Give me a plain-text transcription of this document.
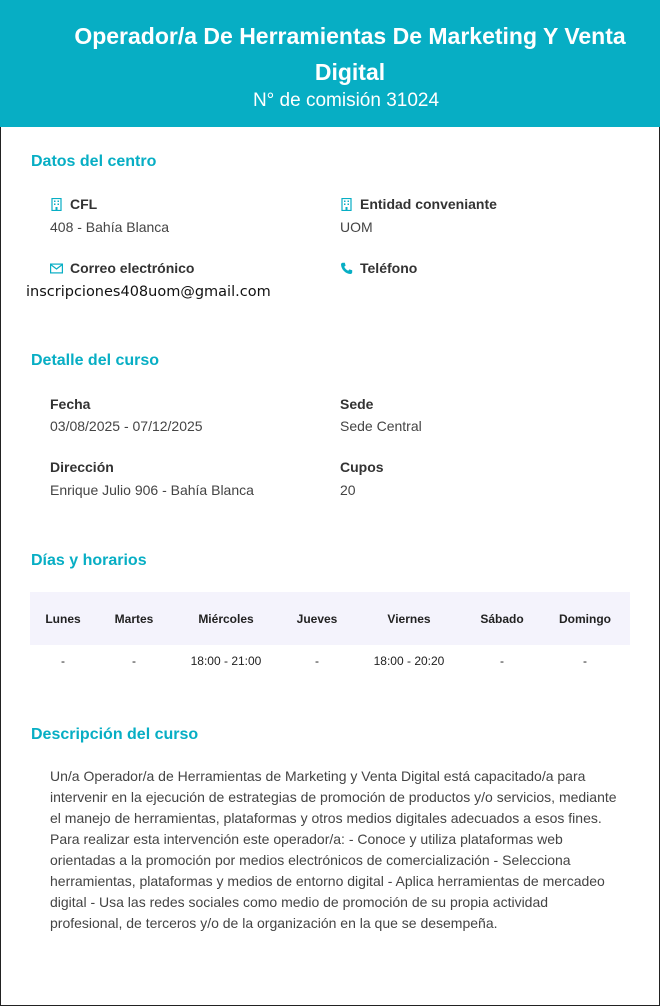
Operador/a De Herramientas De Marketing Y Venta Digital
N° de comisión 31024
Datos del centro
CFL
408 - Bahía Blanca
Entidad conveniante
UOM
Correo electrónico
inscripciones408uom@gmail.com
Teléfono
Detalle del curso
Fecha
03/08/2025 - 07/12/2025
Sede
Sede Central
Dirección
Enrique Julio 906 - Bahía Blanca
Cupos
20
Días y horarios
Lunes	Martes	Miércoles	Jueves	Viernes	Sábado	Domingo
-	-	18:00 - 21:00	-	18:00 - 20:20	-	-
Descripción del curso
Un/a Operador/a de Herramientas de Marketing y Venta Digital está capacitado/a para intervenir en la ejecución de estrategias de promoción de productos y/o servicios, mediante el manejo de herramientas, plataformas y otros medios digitales adecuados a esos fines. Para realizar esta intervención este operador/a: - Conoce y utiliza plataformas web orientadas a la promoción por medios electrónicos de comercialización - Selecciona herramientas, plataformas y medios de entorno digital - Aplica herramientas de mercadeo digital - Usa las redes sociales como medio de promoción de su propia actividad profesional, de terceros y/o de la organización en la que se desempeña.
